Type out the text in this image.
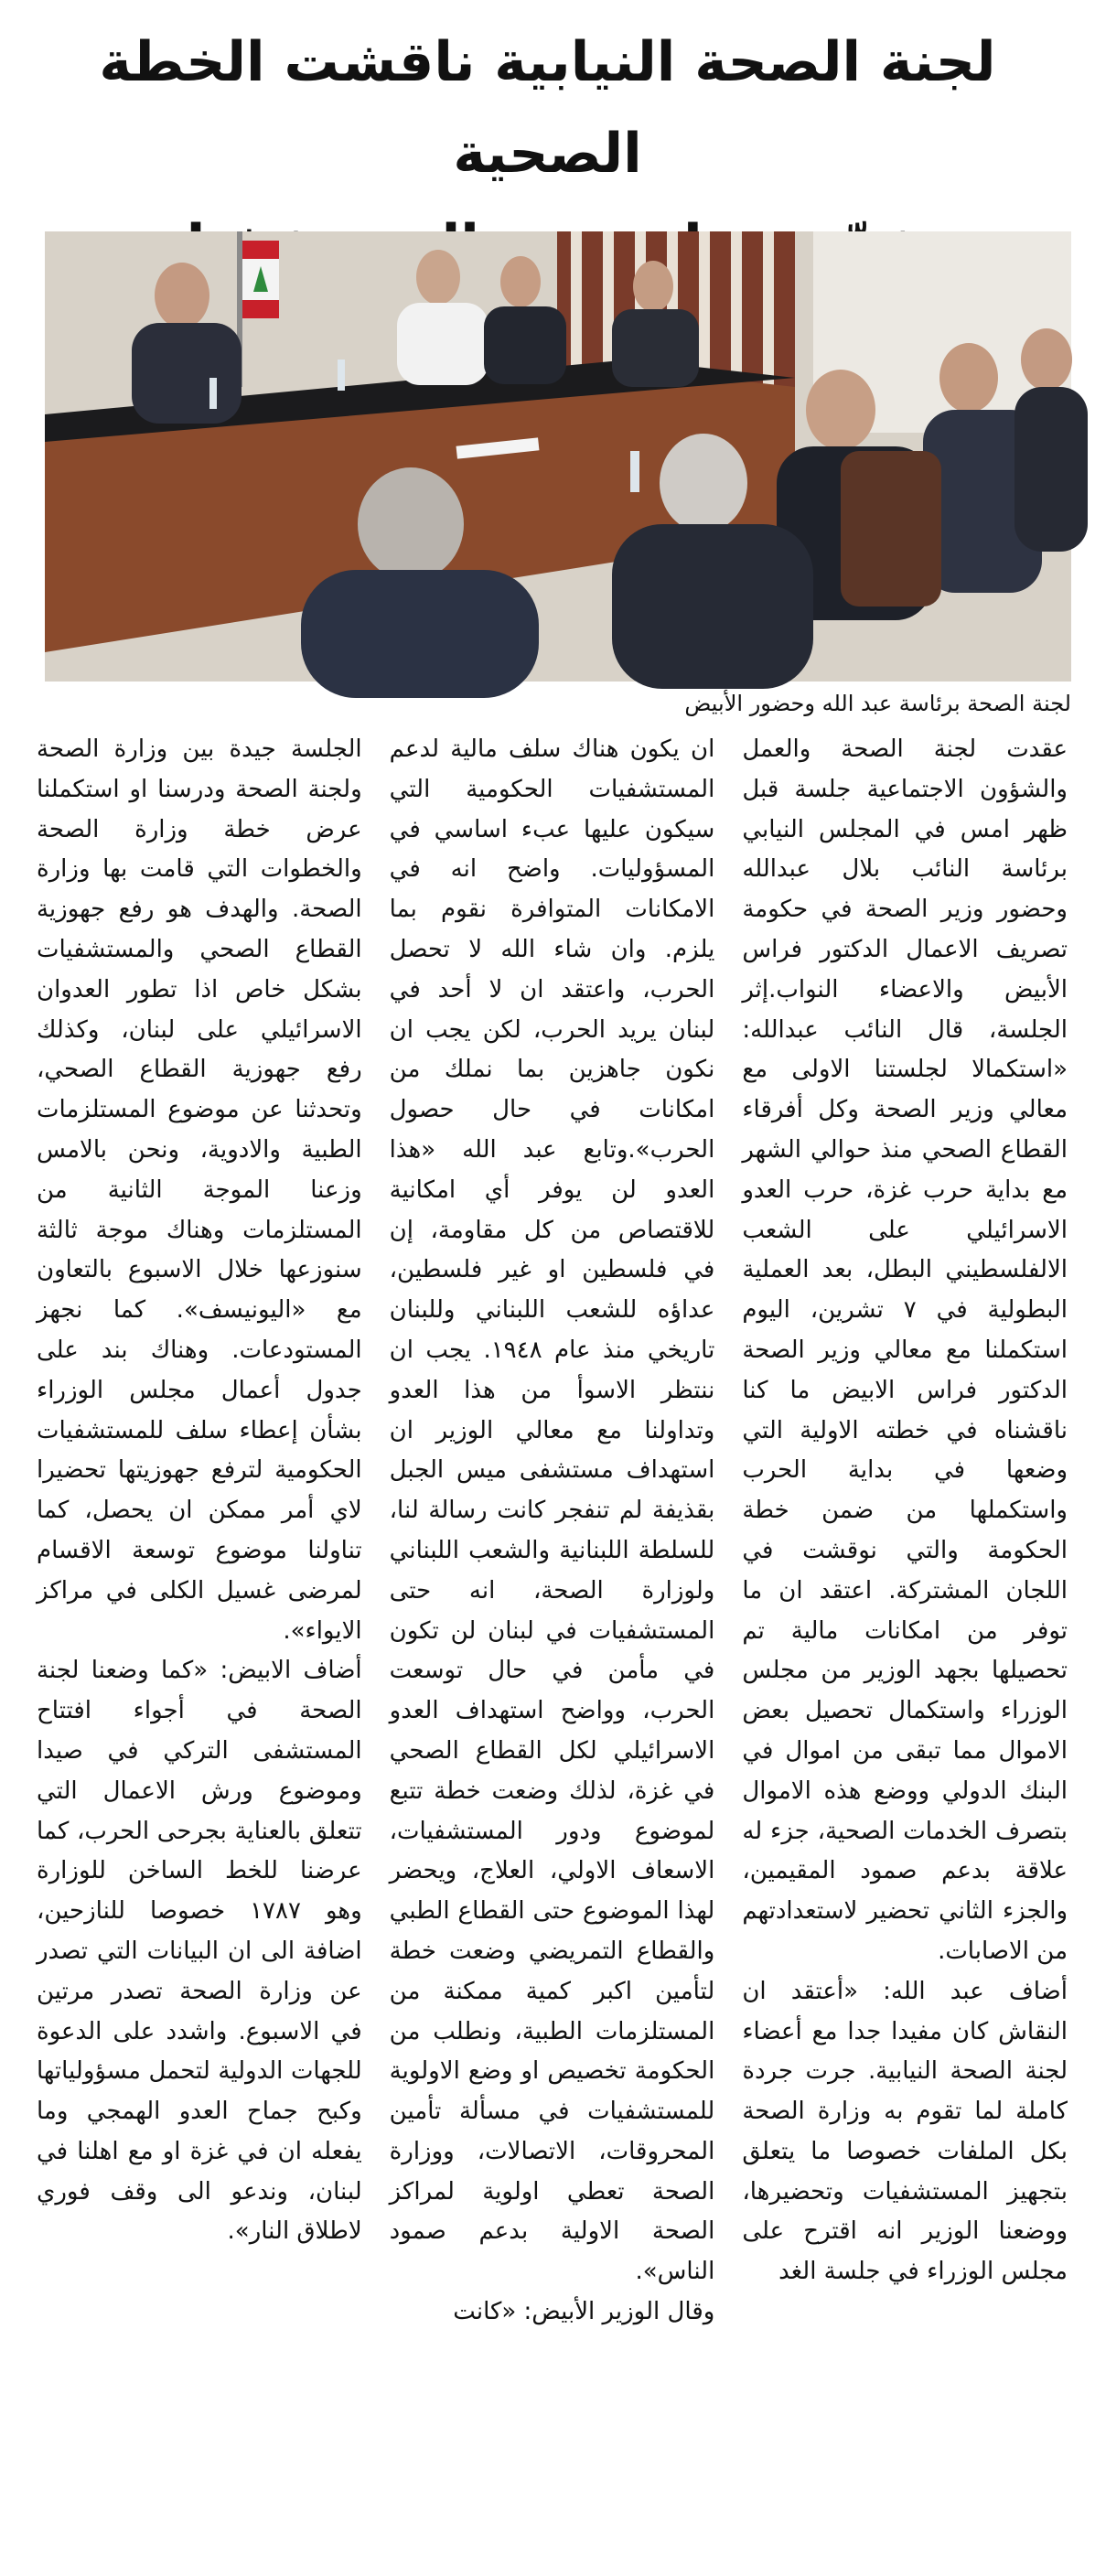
لجنة الصحة النيابية ناقشت الخطة الصحية
لجنة الصحة برئاسة عبد الله وحضور الأبيض
عقدت لجنة الصحة والعمل والشؤون الاجتماعية جلسة قبل ظهر امس في المجلس النيابي برئاسة النائب بلال عبدالله وحضور وزير الصحة في حكومة تصريف الاعمال الدكتور فراس الأبيض والاعضاء النواب.إثر الجلسة، قال النائب عبدالله: «استكمالا لجلستنا الاولى مع معالي وزير الصحة وكل أفرقاء القطاع الصحي منذ حوالي الشهر مع بداية حرب غزة، حرب العدو الاسرائيلي على الشعب الالفلسطيني البطل، بعد العملية البطولية في ٧ تشرين، اليوم استكملنا مع معالي وزير الصحة الدكتور فراس الابيض ما كنا ناقشناه في خطته الاولية التي وضعها في بداية الحرب واستكملها من ضمن خطة الحكومة والتي نوقشت في اللجان المشتركة. اعتقد ان ما توفر من امكانات مالية تم تحصيلها بجهد الوزير من مجلس الوزراء واستكمال تحصيل بعض الاموال مما تبقى من اموال في البنك الدولي ووضع هذه الاموال بتصرف الخدمات الصحية، جزء له علاقة بدعم صمود المقيمين، والجزء الثاني تحضير لاستعدادتهم من الاصابات.
أضاف عبد الله: «أعتقد ان النقاش كان مفيدا جدا مع أعضاء لجنة الصحة النيابية. جرت جردة كاملة لما تقوم به وزارة الصحة بكل الملفات خصوصا ما يتعلق بتجهيز المستشفيات وتحضيرها، ووضعنا الوزير انه اقترح على مجلس الوزراء في جلسة الغد
ان يكون هناك سلف مالية لدعم المستشفيات الحكومية التي سيكون عليها عبء اساسي في المسؤوليات. واضح انه في الامكانات المتوافرة نقوم بما يلزم. وان شاء الله لا تحصل الحرب، واعتقد ان لا أحد في لبنان يريد الحرب، لكن يجب ان نكون جاهزين بما نملك من امكانات في حال حصول الحرب».وتابع عبد الله «هذا العدو لن يوفر أي امكانية للاقتصاص من كل مقاومة، إن في فلسطين او غير فلسطين، عداؤه للشعب اللبناني وللبنان تاريخي منذ عام ١٩٤٨. يجب ان ننتظر الاسوأ من هذا العدو وتداولنا مع معالي الوزير ان استهداف مستشفى ميس الجبل بقذيفة لم تنفجر كانت رسالة لنا، للسلطة اللبنانية والشعب اللبناني ولوزارة الصحة، انه حتى المستشفيات في لبنان لن تكون في مأمن في حال توسعت الحرب، وواضح استهداف العدو الاسرائيلي لكل القطاع الصحي في غزة، لذلك وضعت خطة تتبع لموضوع ودور المستشفيات، الاسعاف الاولي، العلاج، ويحضر لهذا الموضوع حتى القطاع الطبي والقطاع التمريضي وضعت خطة لتأمين اكبر كمية ممكنة من المستلزمات الطبية، ونطلب من الحكومة تخصيص او وضع الاولوية للمستشفيات في مسألة تأمين المحروقات، الاتصالات، ووزارة الصحة تعطي اولوية لمراكز الصحة الاولية بدعم صمود الناس».
وقال الوزير الأبيض: «كانت
الجلسة جيدة بين وزارة الصحة ولجنة الصحة ودرسنا او استكملنا عرض خطة وزارة الصحة والخطوات التي قامت بها وزارة الصحة. والهدف هو رفع جهوزية القطاع الصحي والمستشفيات بشكل خاص اذا تطور العدوان الاسرائيلي على لبنان، وكذلك رفع جهوزية القطاع الصحي، وتحدثنا عن موضوع المستلزمات الطبية والادوية، ونحن بالامس وزعنا الموجة الثانية من المستلزمات وهناك موجة ثالثة سنوزعها خلال الاسبوع بالتعاون مع «اليونيسف». كما نجهز المستودعات. وهناك بند على جدول أعمال مجلس الوزراء بشأن إعطاء سلف للمستشفيات الحكومية لترفع جهوزيتها تحضيرا لاي أمر ممكن ان يحصل، كما تناولنا موضوع توسعة الاقسام لمرضى غسيل الكلى في مراكز الايواء».
أضاف الابيض: «كما وضعنا لجنة الصحة في أجواء افتتاح المستشفى التركي في صيدا وموضوع ورش الاعمال التي تتعلق بالعناية بجرحى الحرب، كما عرضنا للخط الساخن للوزارة وهو ١٧٨٧ خصوصا للنازحين، اضافة الى ان البيانات التي تصدر عن وزارة الصحة تصدر مرتين في الاسبوع. واشدد على الدعوة للجهات الدولية لتحمل مسؤولياتها وكبح جماح العدو الهمجي وما يفعله ان في غزة او مع اهلنا في لبنان، وندعو الى وقف فوري لاطلاق النار».
